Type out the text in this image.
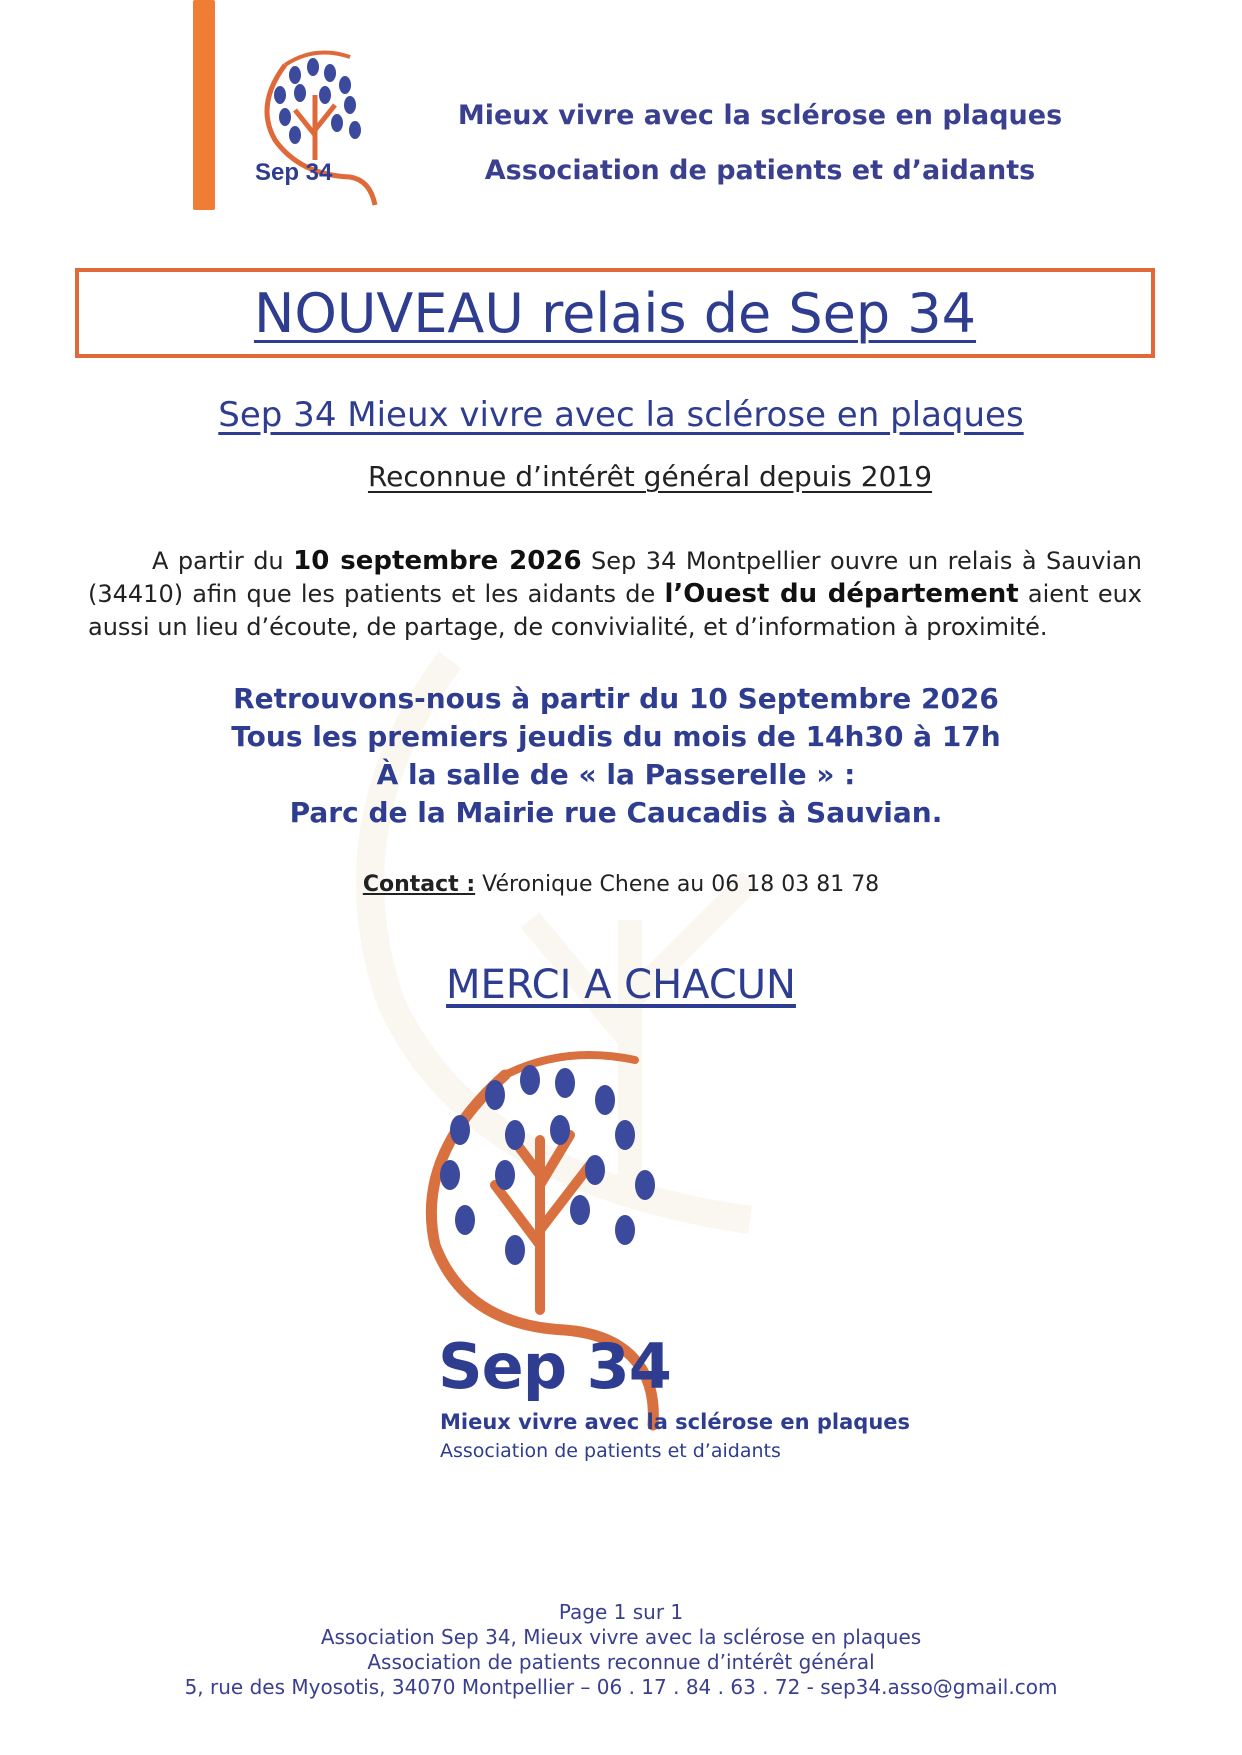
Sep 34
Mieux vivre avec la sclérose en plaques
Association de patients et d’aidants
NOUVEAU relais de Sep 34
Sep 34 Mieux vivre avec la sclérose en plaques
Reconnue d’intérêt général depuis 2019

A partir du 10 septembre 2026 Sep 34 Montpellier ouvre un relais à Sauvian (34410) afin que les patients et les aidants de l’Ouest du département aient eux aussi un lieu d’écoute, de partage, de convivialité, et d’information à proximité.

Retrouvons-nous à partir du 10 Septembre 2026
Tous les premiers jeudis du mois de 14h30 à 17h
À la salle de « la Passerelle » :
Parc de la Mairie rue Caucadis à Sauvian.
Contact : Véronique Chene au 06 18 03 81 78
MERCI A CHACUN
Sep 34
Mieux vivre avec la sclérose en plaques
Association de patients et d’aidants
Page 1 sur 1
Association Sep 34, Mieux vivre avec la sclérose en plaques
Association de patients reconnue d’intérêt général
5, rue des Myosotis, 34070 Montpellier – 06 . 17 . 84 . 63 . 72 - sep34.asso@gmail.com
